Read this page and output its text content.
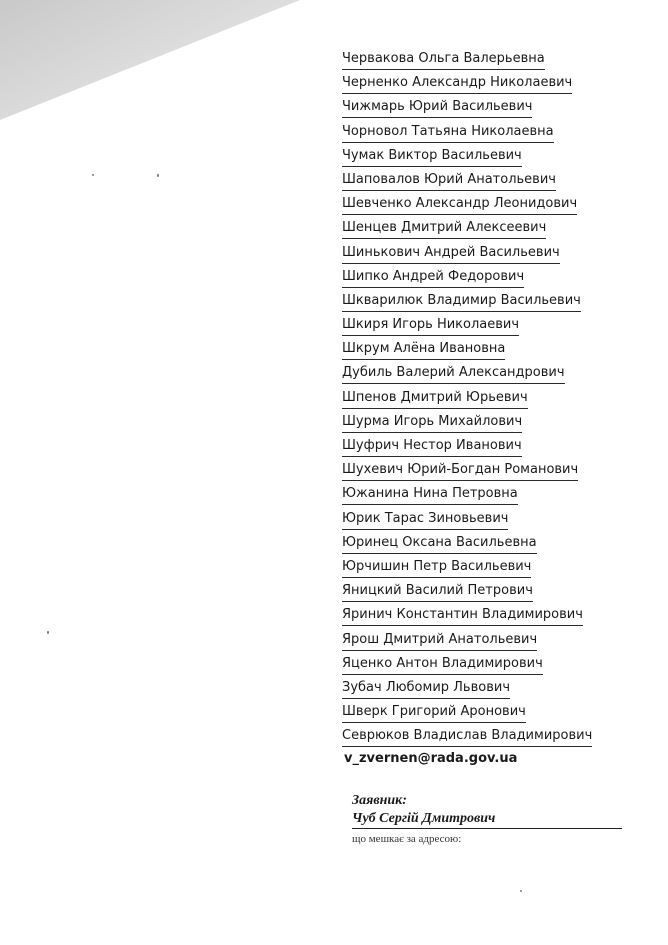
Червакова Ольга Валерьевна
Черненко Александр Николаевич
Чижмарь Юрий Васильевич
Чорновол Татьяна Николаевна
Чумак Виктор Васильевич
Шаповалов Юрий Анатольевич
Шевченко Александр Леонидович
Шенцев Дмитрий Алексеевич
Шинькович Андрей Васильевич
Шипко Андрей Федорович
Шкварилюк Владимир Васильевич
Шкиря Игорь Николаевич
Шкрум Алёна Ивановна
Дубиль Валерий Александрович
Шпенов Дмитрий Юрьевич
Шурма Игорь Михайлович
Шуфрич Нестор Иванович
Шухевич Юрий-Богдан Романович
Южанина Нина Петровна
Юрик Тарас Зиновьевич
Юринец Оксана Васильевна
Юрчишин Петр Васильевич
Яницкий Василий Петрович
Яринич Константин Владимирович
Ярош Дмитрий Анатольевич
Яценко Антон Владимирович
Зубач Любомир Львович
Шверк Григорий Аронович
Севрюков Владислав Владимирович
v_zvernen@rada.gov.ua
Заявник:
Чуб Сергій Дмитрович
що мешкає за адресою:
